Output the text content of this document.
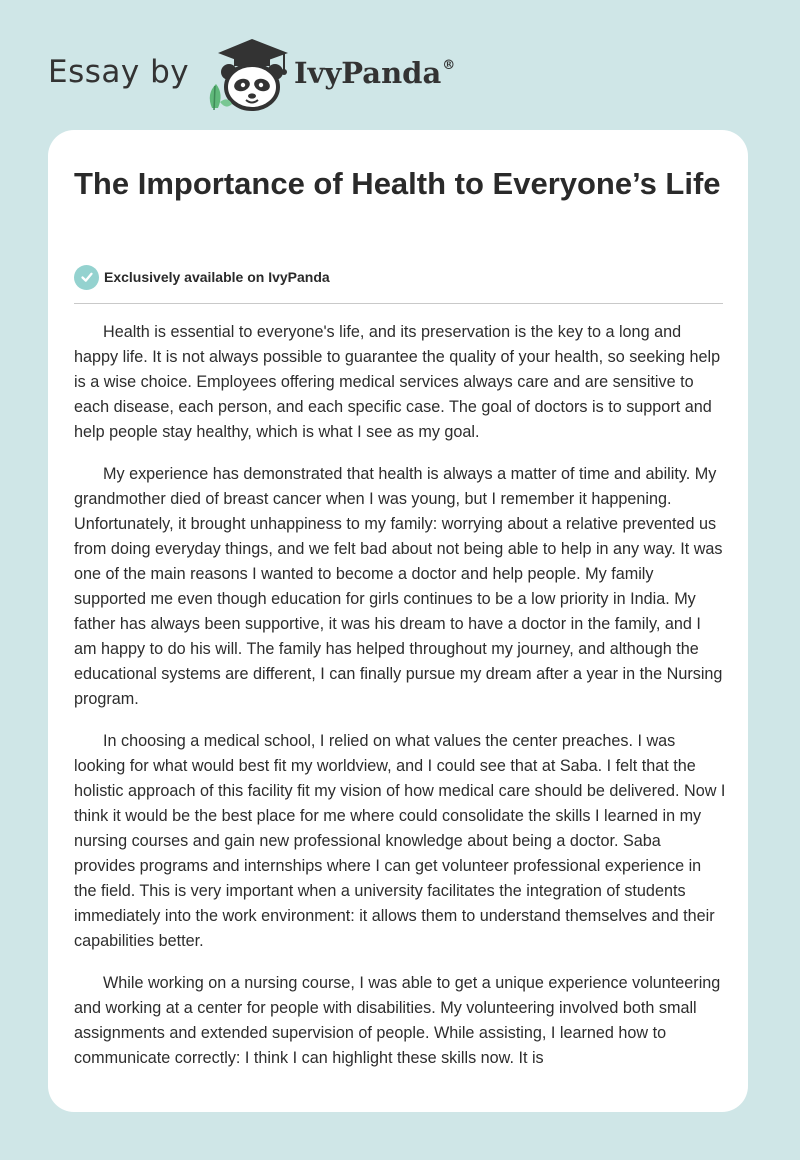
Essay by	IvyPanda®
The Importance of Health to Everyone’s Life
Exclusively available on IvyPanda

Health is essential to everyone's life, and its preservation is the key to a long and happy life. It is not always possible to guarantee the quality of your health, so seeking help is a wise choice. Employees offering medical services always care and are sensitive to each disease, each person, and each specific case. The goal of doctors is to support and help people stay healthy, which is what I see as my goal.

My experience has demonstrated that health is always a matter of time and ability. My grandmother died of breast cancer when I was young, but I remember it happening. Unfortunately, it brought unhappiness to my family: worrying about a relative prevented us from doing everyday things, and we felt bad about not being able to help in any way. It was one of the main reasons I wanted to become a doctor and help people. My family supported me even though education for girls continues to be a low priority in India. My father has always been supportive, it was his dream to have a doctor in the family, and I am happy to do his will. The family has helped throughout my journey, and although the educational systems are different, I can finally pursue my dream after a year in the Nursing program.

In choosing a medical school, I relied on what values the center preaches. I was looking for what would best fit my worldview, and I could see that at Saba. I felt that the holistic approach of this facility fit my vision of how medical care should be delivered. Now I think it would be the best place for me where could consolidate the skills I learned in my nursing courses and gain new professional knowledge about being a doctor. Saba provides programs and internships where I can get volunteer professional experience in the field. This is very important when a university facilitates the integration of students immediately into the work environment: it allows them to understand themselves and their capabilities better.

While working on a nursing course, I was able to get a unique experience volunteering and working at a center for people with disabilities. My volunteering involved both small assignments and extended supervision of people. While assisting, I learned how to communicate correctly: I think I can highlight these skills now. It is
